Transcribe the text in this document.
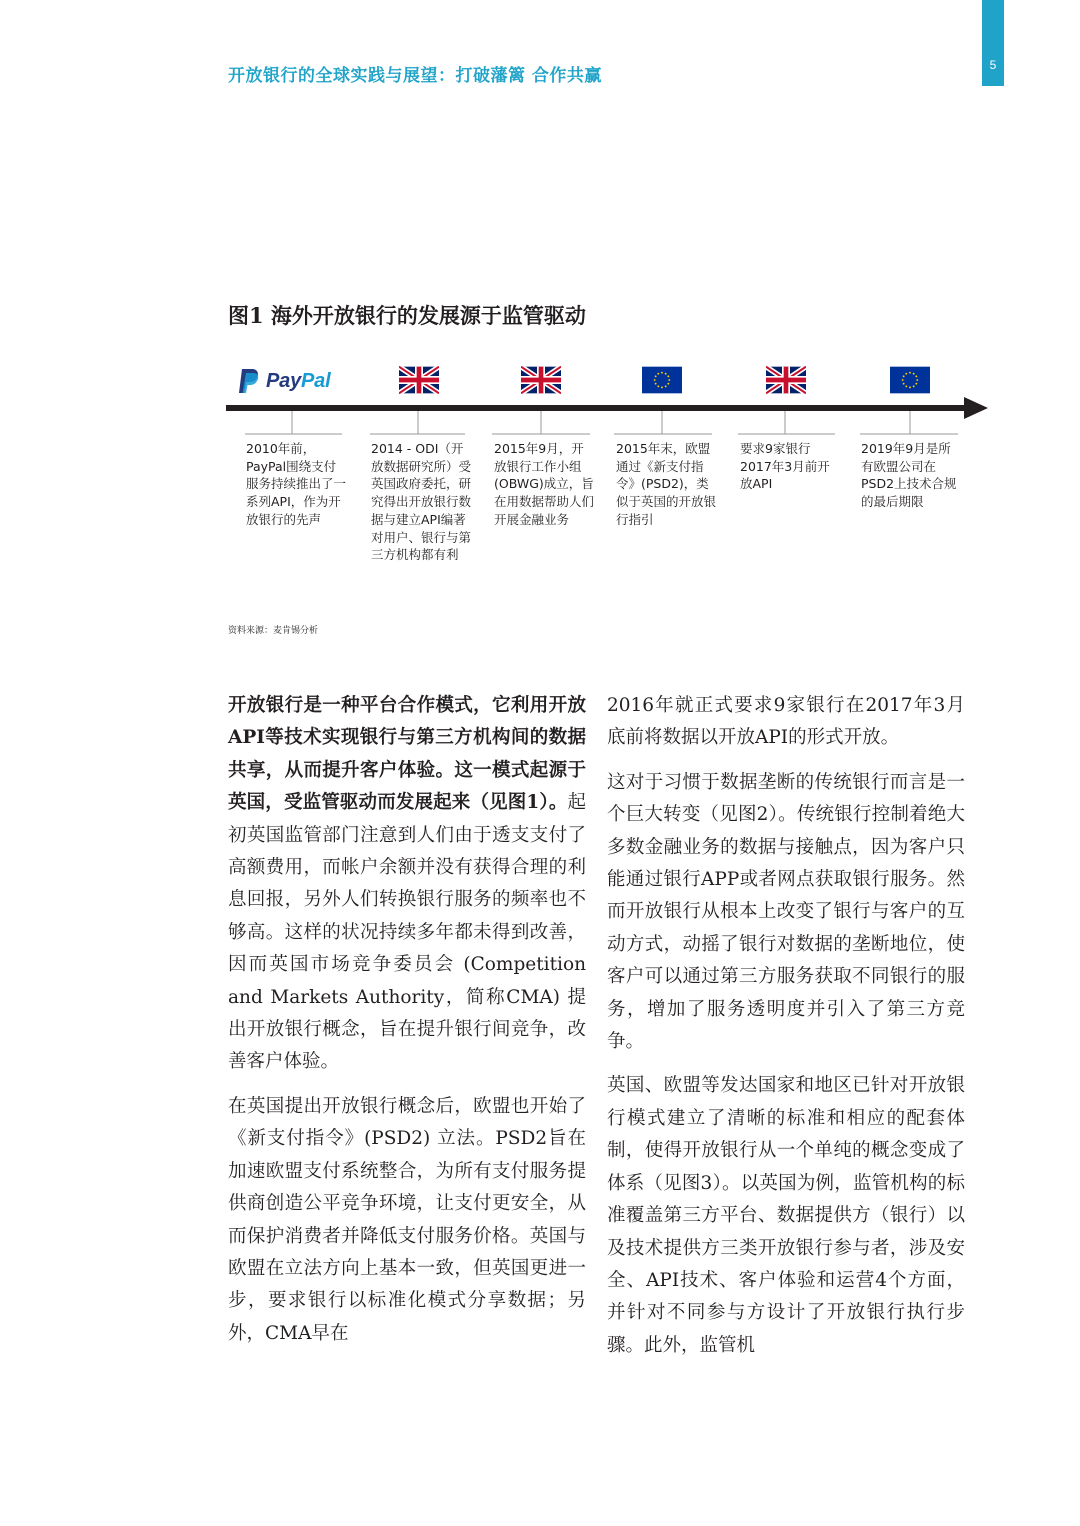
5
开放银行的全球实践与展望：打破藩篱 合作共赢
图1 海外开放银行的发展源于监管驱动
PayPal
2010年前，PayPal围绕支付服务持续推出了一系列API，作为开放银行的先声
2014 - ODI（开放数据研究所）受英国政府委托，研究得出开放银行数据与建立API编著对用户、银行与第三方机构都有利
2015年9月，开放银行工作小组 (OBWG)成立，旨在用数据帮助人们开展金融业务
2015年末，欧盟通过《新支付指令》(PSD2)，类似于英国的开放银行指引
要求9家银行2017年3月前开放API
2019年9月是所有欧盟公司在PSD2上技术合规的最后期限
资料来源：麦肯锡分析

开放银行是一种平台合作模式，它利用开放API等技术实现银行与第三方机构间的数据共享，从而提升客户体验。这一模式起源于英国，受监管驱动而发展起来（见图1）。起初英国监管部门注意到人们由于透支支付了高额费用，而帐户余额并没有获得合理的利息回报，另外人们转换银行服务的频率也不够高。这样的状况持续多年都未得到改善，因而英国市场竞争委员会 (Competition and Markets Authority，简称CMA) 提出开放银行概念，旨在提升银行间竞争，改善客户体验。

在英国提出开放银行概念后，欧盟也开始了《新支付指令》(PSD2) 立法。PSD2旨在加速欧盟支付系统整合，为所有支付服务提供商创造公平竞争环境，让支付更安全，从而保护消费者并降低支付服务价格。英国与欧盟在立法方向上基本一致，但英国更进一步，要求银行以标准化模式分享数据；另外，CMA早在

2016年就正式要求9家银行在2017年3月底前将数据以开放API的形式开放。

这对于习惯于数据垄断的传统银行而言是一个巨大转变（见图2）。传统银行控制着绝大多数金融业务的数据与接触点，因为客户只能通过银行APP或者网点获取银行服务。然而开放银行从根本上改变了银行与客户的互动方式，动摇了银行对数据的垄断地位，使客户可以通过第三方服务获取不同银行的服务，增加了服务透明度并引入了第三方竞争。

英国、欧盟等发达国家和地区已针对开放银行模式建立了清晰的标准和相应的配套体制，使得开放银行从一个单纯的概念变成了体系（见图3）。以英国为例，监管机构的标准覆盖第三方平台、数据提供方（银行）以及技术提供方三类开放银行参与者，涉及安全、API技术、客户体验和运营4个方面，并针对不同参与方设计了开放银行执行步骤。此外，监管机
